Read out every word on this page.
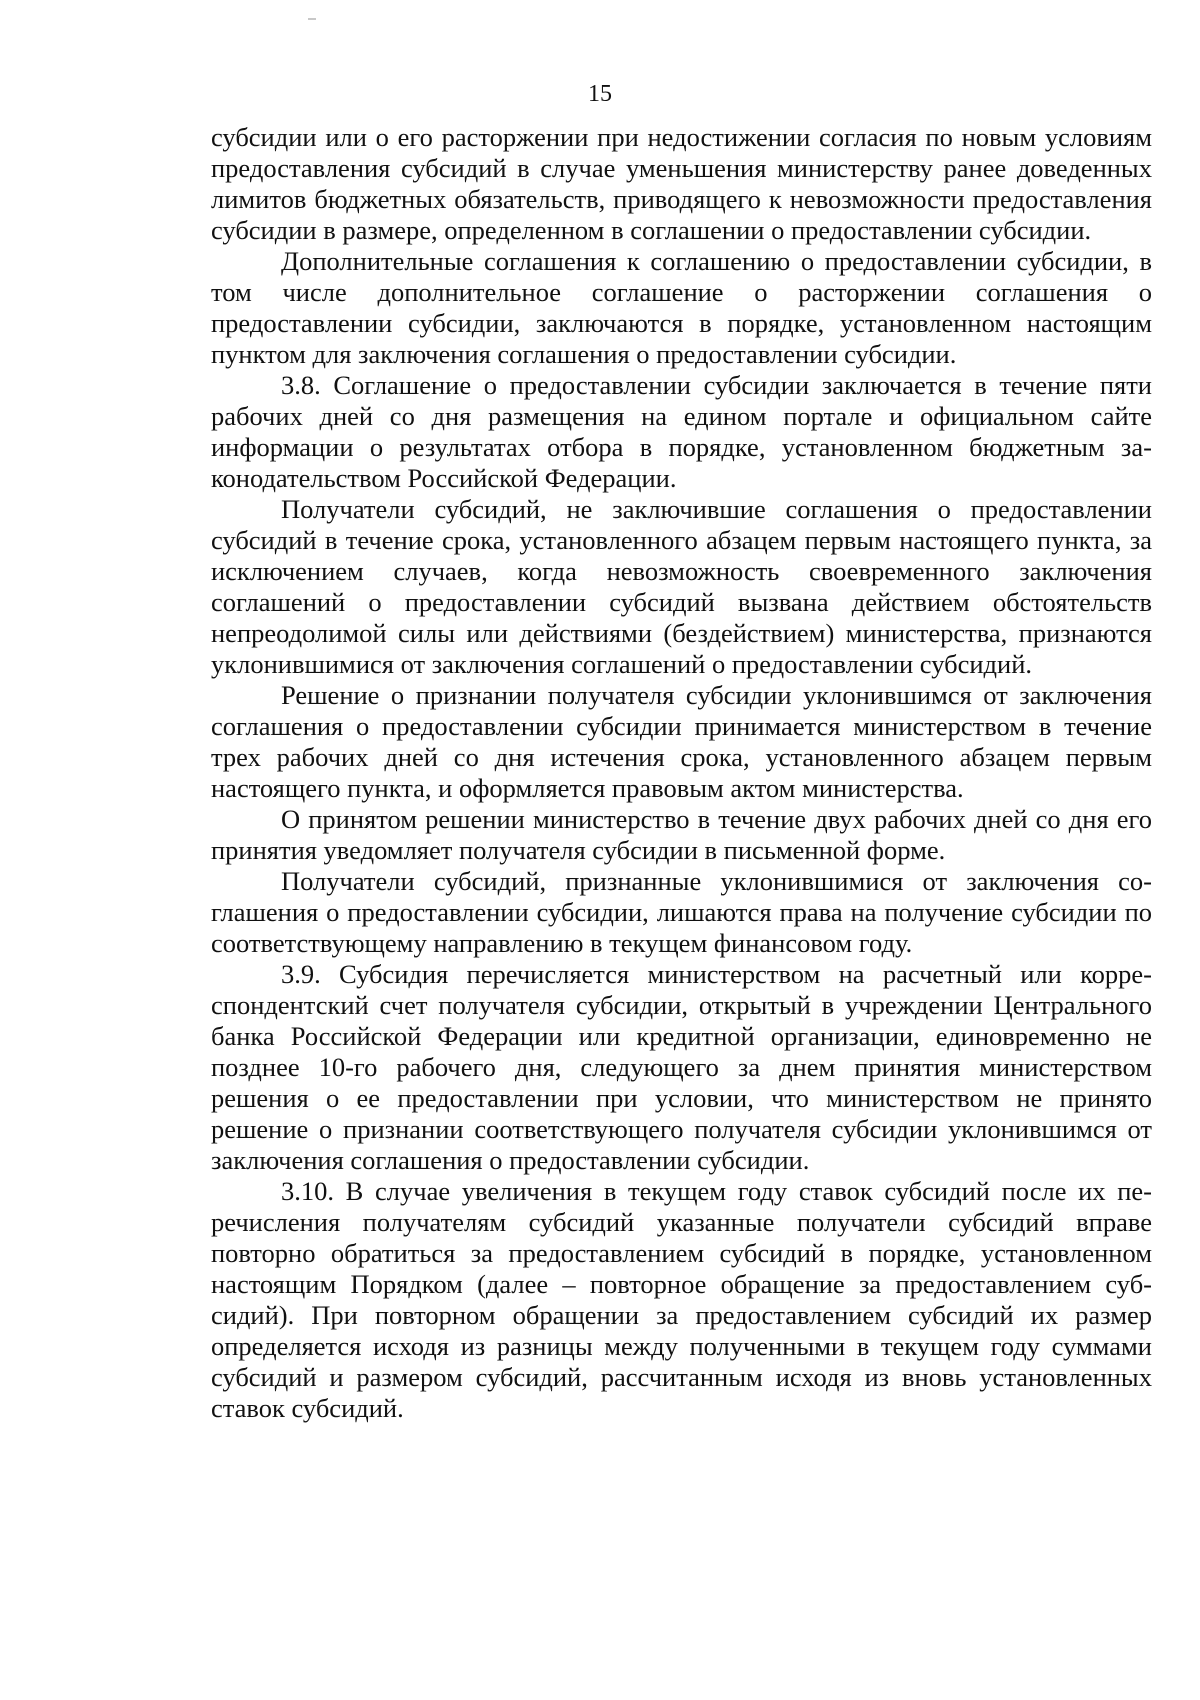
15

субсидии или о его расторжении при недостижении согласия по новым условиям предоставления субсидий в случае уменьшения министерству ранее доведенных лимитов бюджетных обязательств, приводящего к невозможности предоставления субсидии в размере, определенном в соглашении о предоставлении субсидии.

Дополнительные соглашения к соглашению о предоставлении субсидии, в том числе дополнительное соглашение о расторжении соглашения о предоставлении субсидии, заключаются в порядке, установленном настоящим пунктом для заключения соглашения о предоставлении субсидии.

3.8. Соглашение о предоставлении субсидии заключается в течение пяти рабочих дней со дня размещения на едином портале и официальном сайте информации о результатах отбора в порядке, установленном бюджетным законодательством Российской Федерации.

Получатели субсидий, не заключившие соглашения о предоставлении субсидий в течение срока, установленного абзацем первым настоящего пункта, за исключением случаев, когда невозможность своевременного заключения соглашений о предоставлении субсидий вызвана действием обстоятельств непреодолимой силы или действиями (бездействием) министерства, признаются уклонившимися от заключения соглашений о предоставлении субсидий.

Решение о признании получателя субсидии уклонившимся от заключения соглашения о предоставлении субсидии принимается министерством в течение трех рабочих дней со дня истечения срока, установленного абзацем первым настоящего пункта, и оформляется правовым актом министерства.

О принятом решении министерство в течение двух рабочих дней со дня его принятия уведомляет получателя субсидии в письменной форме.

Получатели субсидий, признанные уклонившимися от заключения соглашения о предоставлении субсидии, лишаются права на получение субсидии по соответствующему направлению в текущем финансовом году.

3.9. Субсидия перечисляется министерством на расчетный или корреспондентский счет получателя субсидии, открытый в учреждении Центрального банка Российской Федерации или кредитной организации, единовременно не позднее 10-го рабочего дня, следующего за днем принятия министерством решения о ее предоставлении при условии, что министерством не принято решение о признании соответствующего получателя субсидии уклонившимся от заключения соглашения о предоставлении субсидии.

3.10. В случае увеличения в текущем году ставок субсидий после их перечисления получателям субсидий указанные получатели субсидий вправе повторно обратиться за предоставлением субсидий в порядке, установленном настоящим Порядком (далее – повторное обращение за предоставлением субсидий). При повторном обращении за предоставлением субсидий их размер определяется исходя из разницы между полученными в текущем году суммами субсидий и размером субсидий, рассчитанным исходя из вновь установленных ставок субсидий.
